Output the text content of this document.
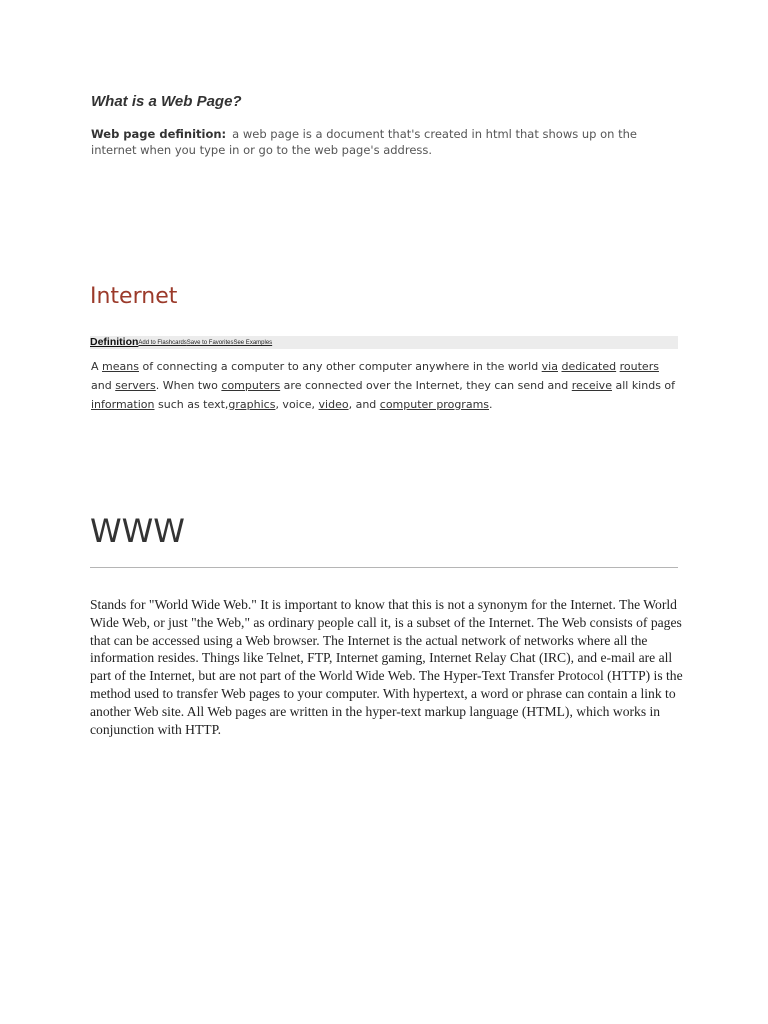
What is a Web Page?
Web page definition: a web page is a document that's created in html that shows up on the internet when you type in or go to the web page's address.
Internet
$^{DefinitionAdd to FlashcardsSave to FavoritesSee Examples}$
A means of connecting a computer to any other computer anywhere in the world via dedicated routers and servers. When two computers are connected over the Internet, they can send and receive all kinds of information such as text,graphics, voice, video, and computer programs.
WWW
Stands for "World Wide Web." It is important to know that this is not a synonym for the Internet. The World Wide Web, or just "the Web," as ordinary people call it, is a subset of the Internet. The Web consists of pages that can be accessed using a Web browser. The Internet is the actual network of networks where all the information resides. Things like Telnet, FTP, Internet gaming, Internet Relay Chat (IRC), and e-mail are all part of the Internet, but are not part of the World Wide Web. The Hyper-Text Transfer Protocol (HTTP) is the method used to transfer Web pages to your computer. With hypertext, a word or phrase can contain a link to another Web site. All Web pages are written in the hyper-text markup language (HTML), which works in conjunction with HTTP.
